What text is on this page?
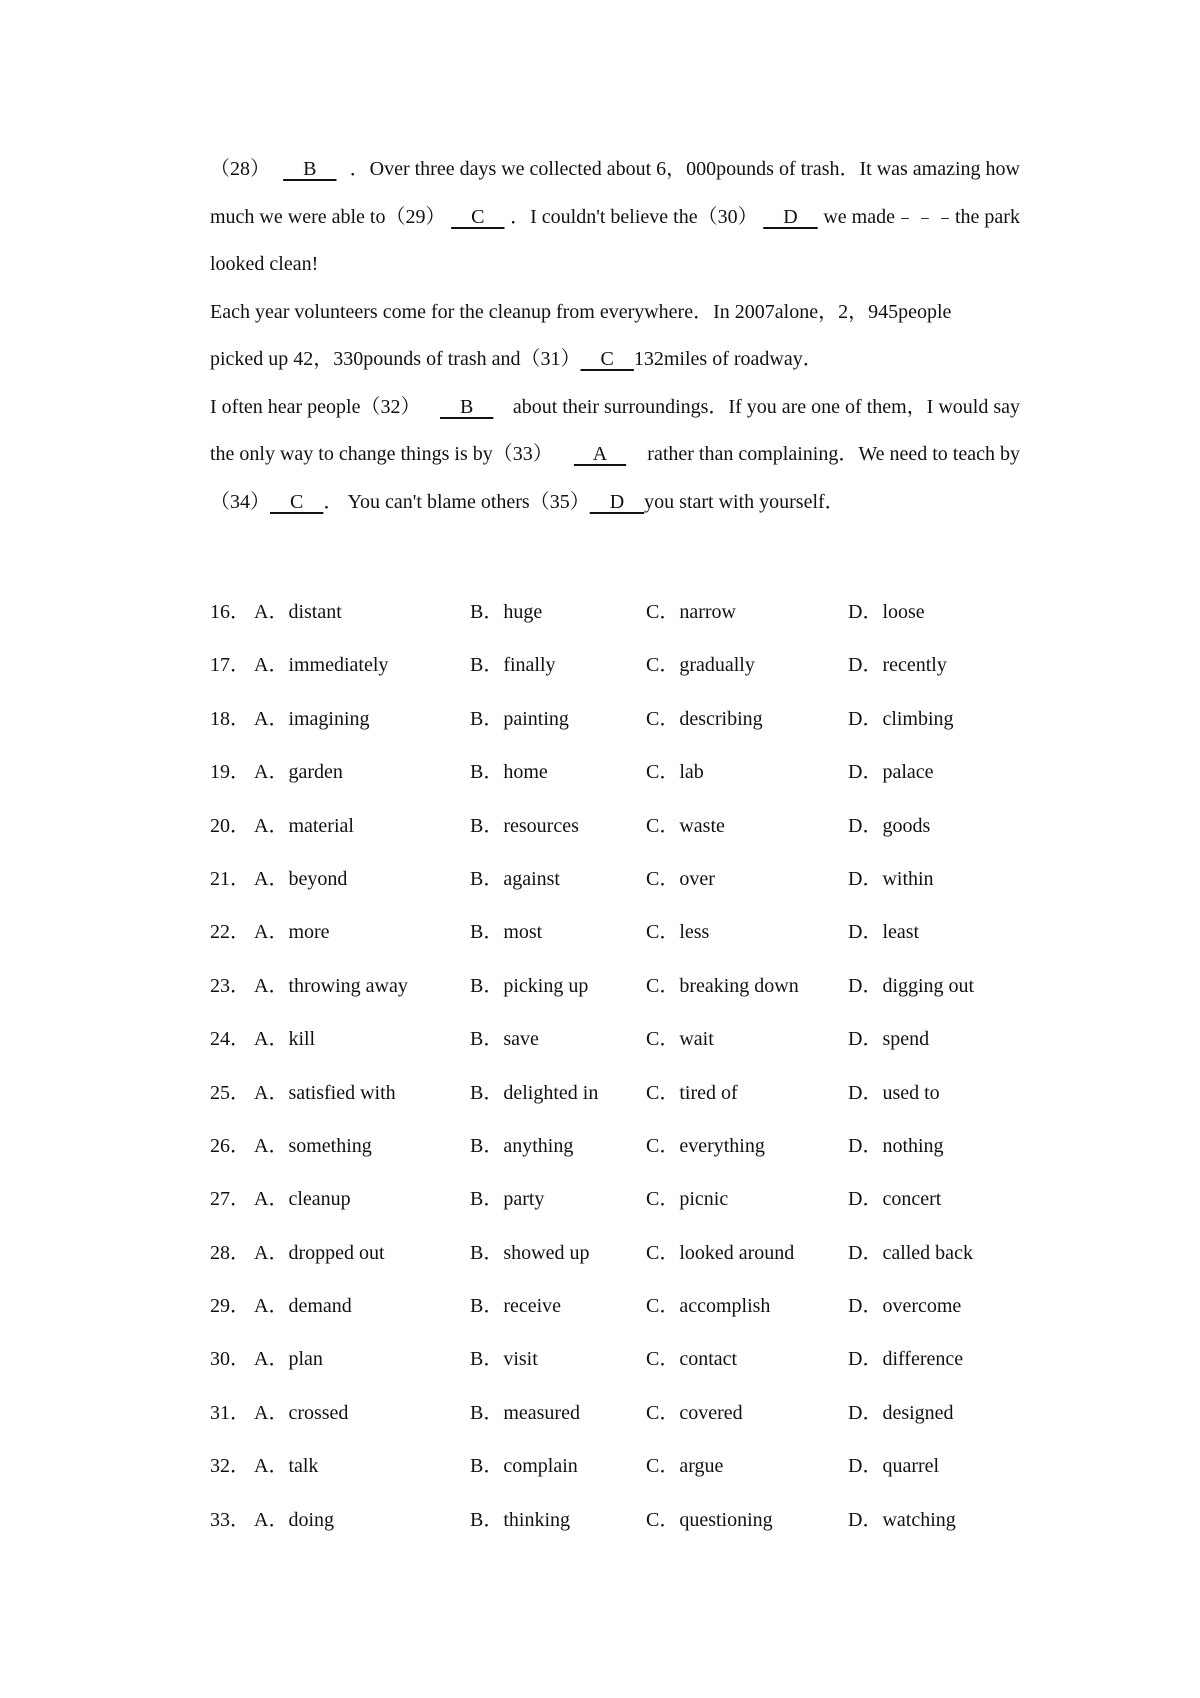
（28） B ．Over three days we collected about 6，000pounds of trash．It was amazing how
much we were able to（29） C ．I couldn't believe the（30） D we made﹣﹣﹣the park
looked clean!
Each year volunteers come for the cleanup from everywhere．In 2007alone，2，945people
picked up 42，330pounds of trash and（31） C 132miles of roadway．
I often hear people（32） B about their surroundings．If you are one of them，I would say
the only way to change things is by（33） A rather than complaining．We need to teach by
（34） C ． You can't blame others（35） D you start with yourself．
16． A．distant	B．huge	C．narrow	D．loose
17． A．immediately	B．finally	C．gradually	D．recently
18． A．imagining	B．painting	C．describing	D．climbing
19． A．garden	B．home	C．lab	D．palace
20． A．material	B．resources	C．waste	D．goods
21． A．beyond	B．against	C．over	D．within
22． A．more	B．most	C．less	D．least
23． A．throwing away	B．picking up	C．breaking down D．digging out
24． A．kill	B．save	C．wait	D．spend
25． A．satisfied with	B．delighted in C．tired of	D．used to
26． A．something	B．anything	C．everything	D．nothing
27． A．cleanup	B．party	C．picnic	D．concert
28． A．dropped out	B．showed up	C．looked around	D．called back
29． A．demand	B．receive	C．accomplish	D．overcome
30． A．plan	B．visit	C．contact	D．difference
31． A．crossed	B．measured	C．covered	D．designed
32． A．talk	B．complain	C．argue	D．quarrel
33． A．doing	B．thinking	C．questioning	D．watching
